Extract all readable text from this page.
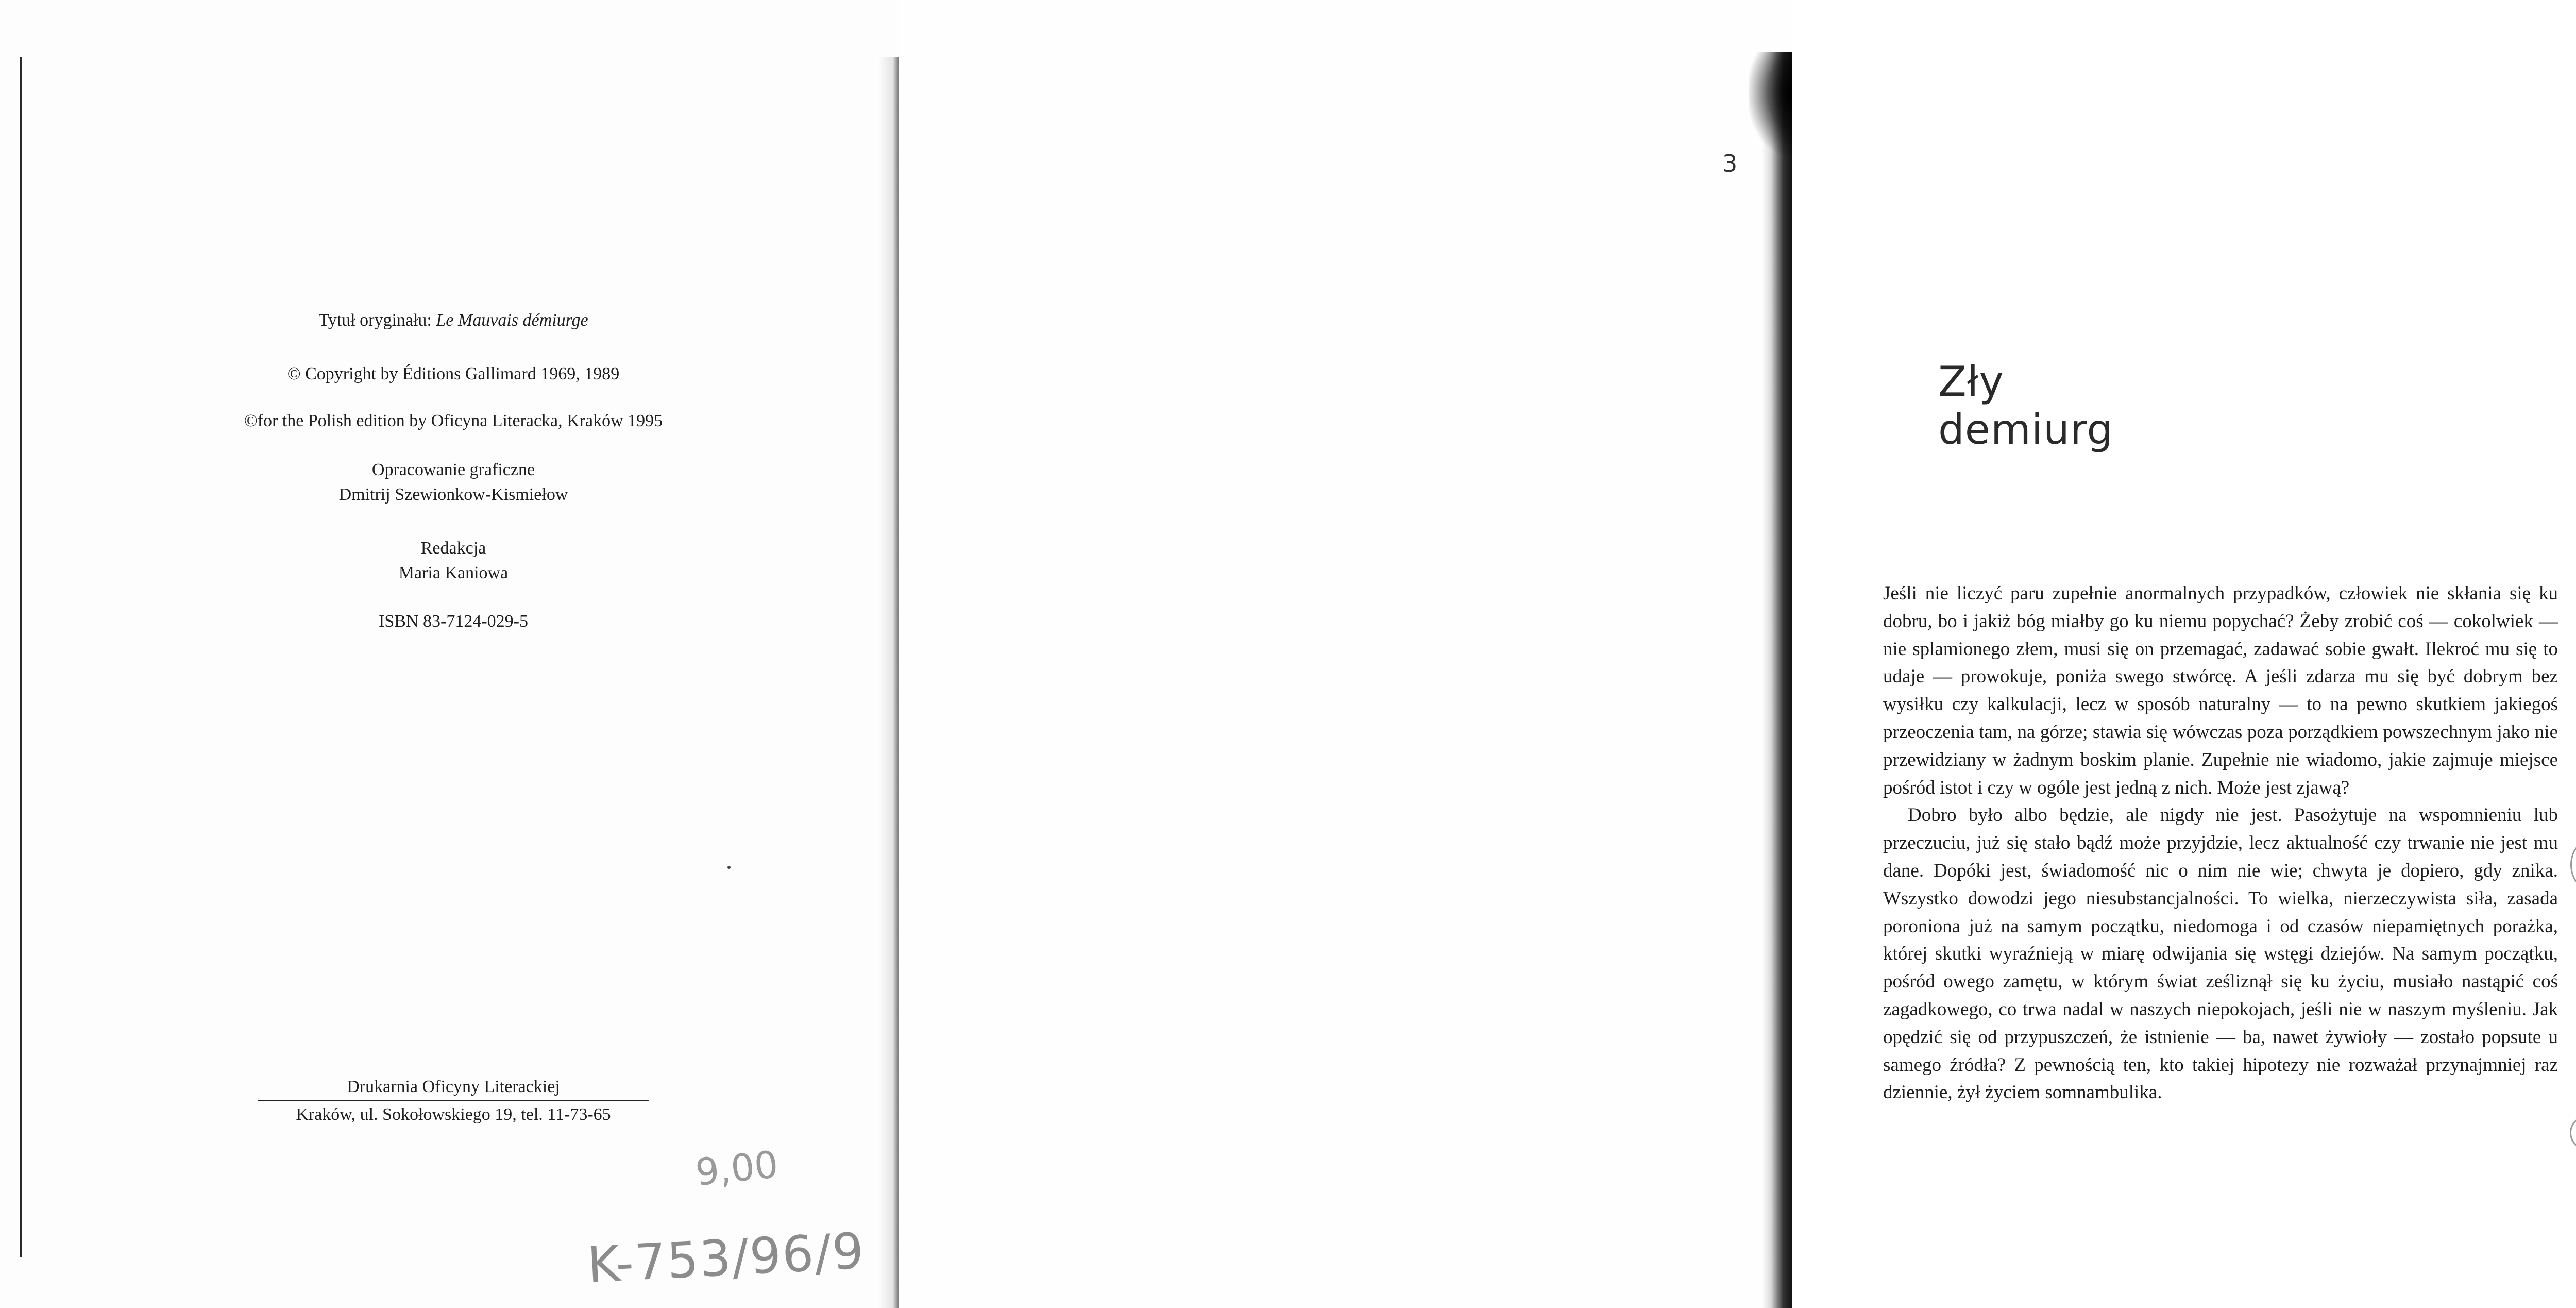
Tytuł oryginału: Le Mauvais démiurge
© Copyright by Éditions Gallimard 1969, 1989
©for the Polish edition by Oficyna Literacka, Kraków 1995
Opracowanie graficzne
Dmitrij Szewionkow-Kismiełow
Redakcja
Maria Kaniowa
ISBN 83-7124-029-5
Drukarnia Oficyny Literackiej
Kraków, ul. Sokołowskiego 19, tel. 11-73-65
9,00
K-753/96/9
3
Zły demiurg

Jeśli nie liczyć paru zupełnie anormalnych przypadków, człowiek nie skłania się ku dobru, bo i jakiż bóg miałby go ku niemu popychać? Żeby zrobić coś — cokolwiek — nie splamionego złem, musi się on przemagać, zadawać sobie gwałt. Ilekroć mu się to udaje — prowokuje, poniża swego stwórcę. A jeśli zdarza mu się być dobrym bez wysiłku czy kalkulacji, lecz w sposób naturalny — to na pewno skutkiem jakiegoś przeoczenia tam, na górze; stawia się wówczas poza porządkiem powszechnym jako nie przewidziany w żadnym boskim planie. Zupełnie nie wiadomo, jakie zajmuje miejsce pośród istot i czy w ogóle jest jedną z nich. Może jest zjawą?

Dobro było albo będzie, ale nigdy nie jest. Pasożytuje na wspomnieniu lub przeczuciu, już się stało bądź może przyjdzie, lecz aktualność czy trwanie nie jest mu dane. Dopóki jest, świadomość nic o nim nie wie; chwyta je dopiero, gdy znika. Wszystko dowodzi jego niesubstancjalności. To wielka, nierzeczywista siła, zasada poroniona już na samym początku, niedomoga i od czasów niepamiętnych porażka, której skutki wyraźnieją w miarę odwijania się wstęgi dziejów. Na samym początku, pośród owego zamętu, w którym świat ześliznął się ku życiu, musiało nastąpić coś zagadkowego, co trwa nadal w naszych niepokojach, jeśli nie w naszym myśleniu. Jak opędzić się od przypuszczeń, że istnienie — ba, nawet żywioły — zostało popsute u samego źródła? Z pewnością ten, kto takiej hipotezy nie rozważał przynajmniej raz dziennie, żył życiem somnambulika.
